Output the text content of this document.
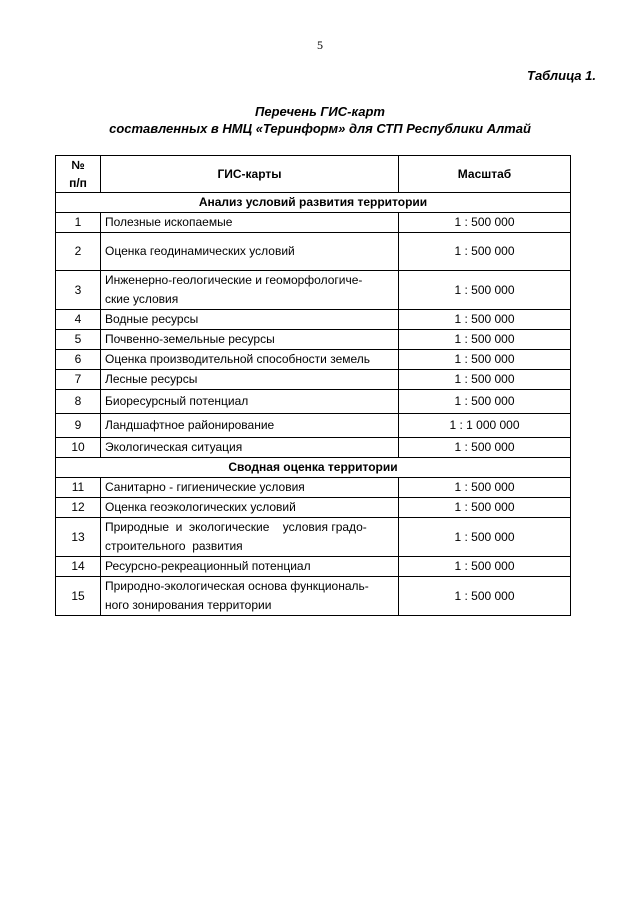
5
Таблица 1.
Перечень ГИС-карт
составленных в НМЦ «Теринформ» для СТП Республики Алтай
№
п/п	ГИС-карты	Масштаб
Анализ условий развития территории		
1	Полезные ископаемые	1 : 500 000
2	Оценка геодинамических условий	1 : 500 000
3	Инженерно-геологические и геоморфологиче-
ские условия	1 : 500 000
4	Водные ресурсы	1 : 500 000
5	Почвенно-земельные ресурсы	1 : 500 000
6	Оценка производительной способности земель	1 : 500 000
7	Лесные ресурсы	1 : 500 000
8	Биоресурсный потенциал	1 : 500 000
9	Ландшафтное районирование	1 : 1 000 000
10	Экологическая ситуация	1 : 500 000
Сводная оценка территории		
11	Санитарно - гигиенические условия	1 : 500 000
12	Оценка геоэкологических условий	1 : 500 000
13	Природные  и  экологические    условия градо-
строительного  развития	1 : 500 000
14	Ресурсно-рекреационный потенциал	1 : 500 000
15	Природно-экологическая основа функциональ-
ного зонирования территории	1 : 500 000
